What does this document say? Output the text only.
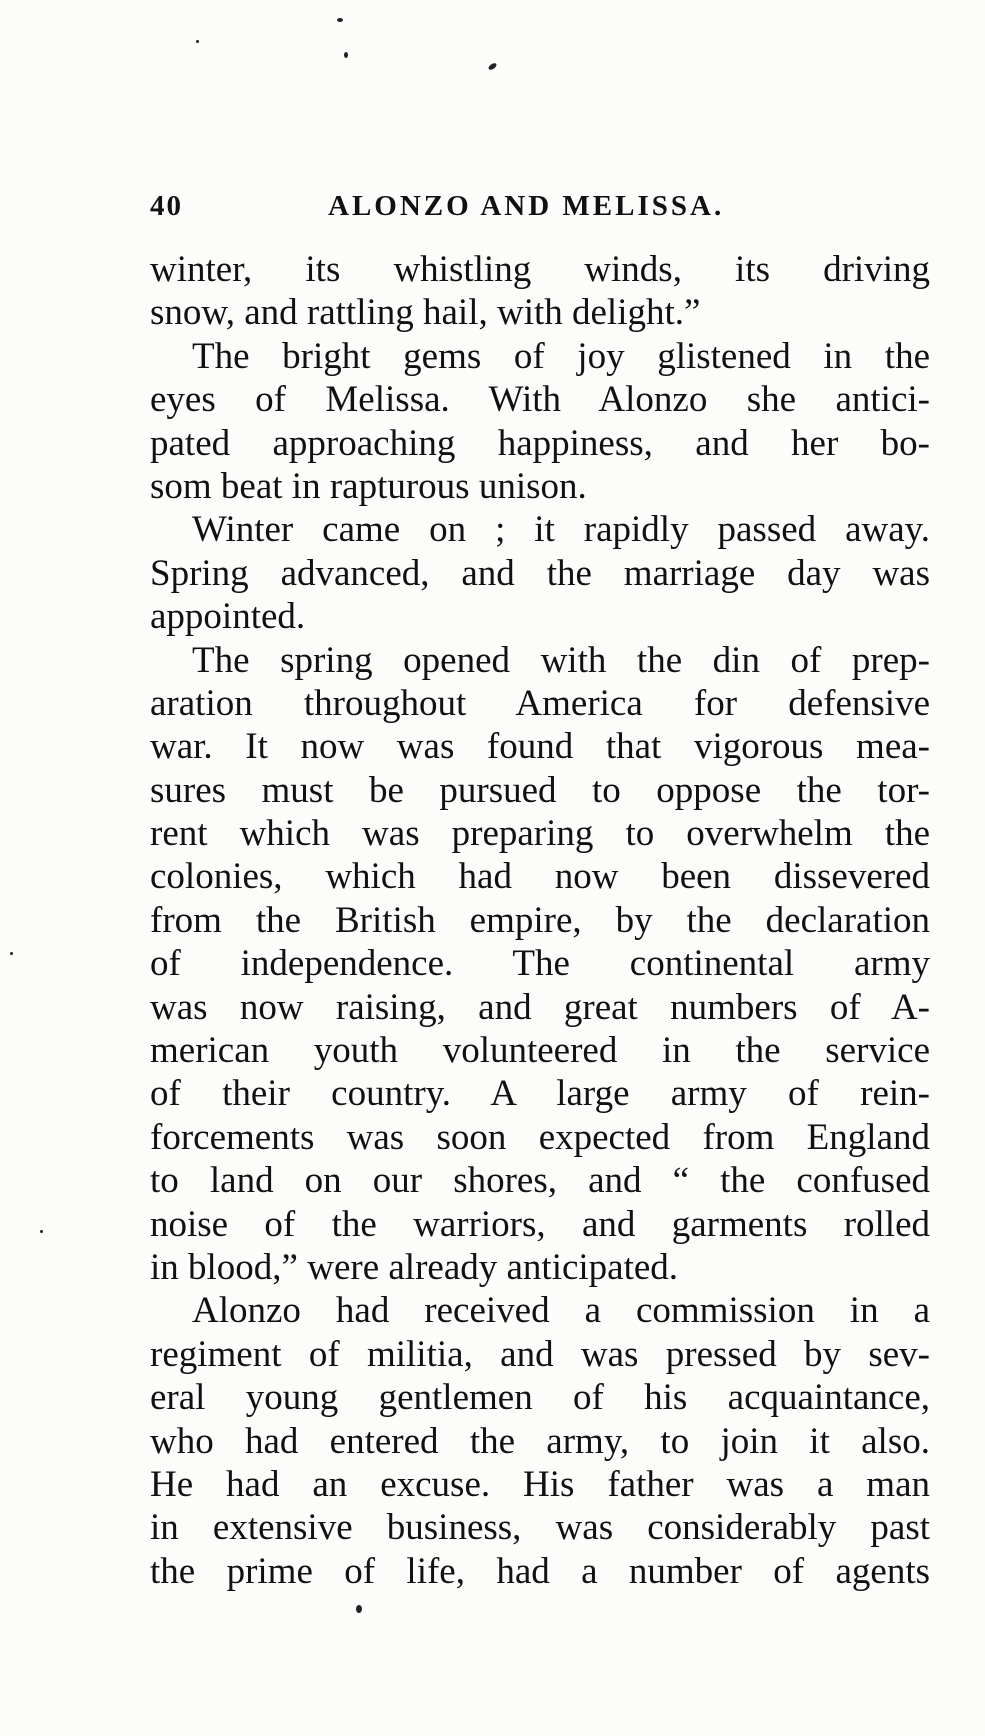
40	ALONZO AND MELISSA.
winter, its whistling winds, its driving
snow, and rattling hail, with delight.”
The bright gems of joy glistened in the
eyes of Melissa. With Alonzo she antici-
pated approaching happiness, and her bo-
som beat in rapturous unison.
Winter came on ; it rapidly passed away.
Spring advanced, and the marriage day was
appointed.
The spring opened with the din of prep-
aration throughout America for defensive
war. It now was found that vigorous mea-
sures must be pursued to oppose the tor-
rent which was preparing to overwhelm the
colonies, which had now been dissevered
from the British empire, by the declaration
of independence. The continental army
was now raising, and great numbers of A-
merican youth volunteered in the service
of their country. A large army of rein-
forcements was soon expected from England
to land on our shores, and “ the confused
noise of the warriors, and garments rolled
in blood,” were already anticipated.
Alonzo had received a commission in a
regiment of militia, and was pressed by sev-
eral young gentlemen of his acquaintance,
who had entered the army, to join it also.
He had an excuse. His father was a man
in extensive business, was considerably past
the prime of life, had a number of agents
